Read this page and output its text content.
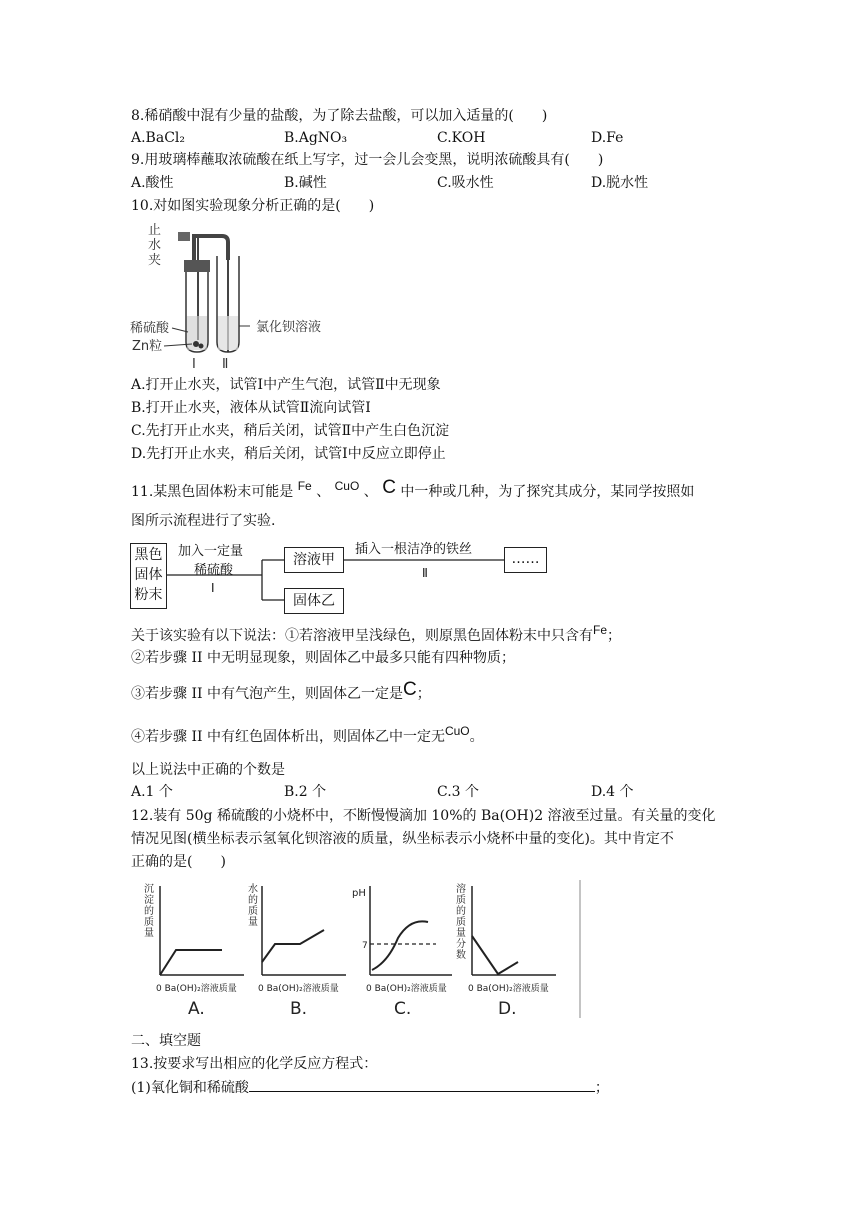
8.稀硝酸中混有少量的盐酸，为了除去盐酸，可以加入适量的(　　)
A.BaCl₂	B.AgNO₃	C.KOH	D.Fe
9.用玻璃棒蘸取浓硫酸在纸上写字，过一会儿会变黑，说明浓硫酸具有(　　)
A.酸性	B.碱性	C.吸水性	D.脱水性
10.对如图实验现象分析正确的是(　　)
止
水
夹
稀硫酸
Zn粒
氯化钡溶液
Ⅰ Ⅱ
A.打开止水夹，试管Ⅰ中产生气泡，试管Ⅱ中无现象
B.打开止水夹，液体从试管Ⅱ流向试管Ⅰ
C.先打开止水夹，稍后关闭，试管Ⅱ中产生白色沉淀
D.先打开止水夹，稍后关闭，试管Ⅰ中反应立即停止
11.某黑色固体粉末可能是 Fe 、 CuO 、 C 中一种或几种，为了探究其成分，某同学按照如
图所示流程进行了实验.
黑色固体粉末
加入一定量
稀硫酸
Ⅰ
溶液甲
固体乙
插入一根洁净的铁丝
Ⅱ
……
关于该实验有以下说法：①若溶液甲呈浅绿色，则原黑色固体粉末中只含有Fe；
②若步骤 II 中无明显现象，则固体乙中最多只能有四种物质；
③若步骤 II 中有气泡产生，则固体乙一定是C；
④若步骤 II 中有红色固体析出，则固体乙中一定无CuO。
以上说法中正确的个数是
A.1 个	B.2 个	C.3 个	D.4 个
12.装有 50g 稀硫酸的小烧杯中，不断慢慢滴加 10%的 Ba(OH)2 溶液至过量。有关量的变化
情况见图(横坐标表示氢氧化钡溶液的质量，纵坐标表示小烧杯中量的变化)。其中肯定不
正确的是(　　)
沉
淀
的
质
量
0 Ba(OH)₂溶液质量
A.
水
的
质
量
0 Ba(OH)₂溶液质量
B.
pH
7
0 Ba(OH)₂溶液质量
C.
溶
质
的
质
量
分
数
0 Ba(OH)₂溶液质量
D.
二、填空题
13.按要求写出相应的化学反应方程式：
(1)氧化铜和稀硫酸	；
